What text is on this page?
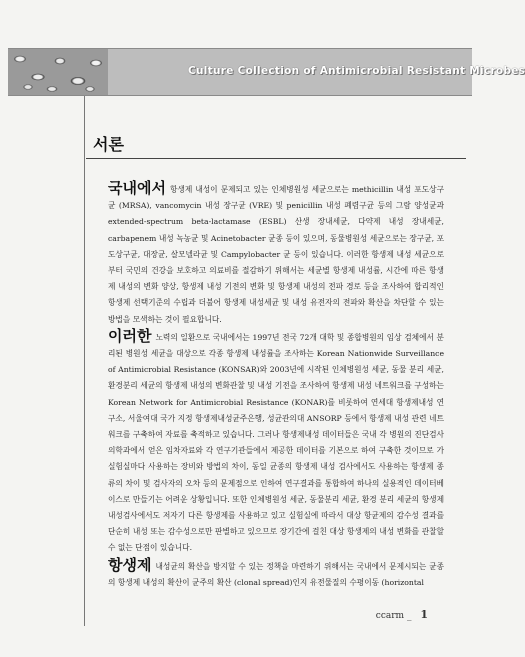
Culture Collection of Antimicrobial Resistant Microbes
서론

국내에서 항생제 내성이 문제되고 있는 인체병원성 세균으로는 methicillin 내성 포도상구균 (MRSA), vancomycin 내성 장구균 (VRE) 및 penicillin 내성 폐렴구균 등의 그람 양성균과 extended-spectrum beta-lactamase (ESBL) 산생 장내세균, 다약제 내성 장내세균, carbapenem 내성 녹농균 및 Acinetobacter 균종 등이 있으며, 동물병원성 세균으로는 장구균, 포도상구균, 대장균, 살모넬라균 및 Campylobacter 균 등이 있습니다. 이러한 항생제 내성 세균으로부터 국민의 건강을 보호하고 의료비를 절감하기 위해서는 세균별 항생제 내성률, 시간에 따른 항생제 내성의 변화 양상, 항생제 내성 기전의 변화 및 항생제 내성의 전파 경로 등을 조사하여 합리적인 항생제 선택기준의 수립과 더불어 항생제 내성세균 및 내성 유전자의 전파와 확산을 차단할 수 있는 방법을 모색하는 것이 필요합니다.

이러한 노력의 일환으로 국내에서는 1997년 전국 72개 대학 및 종합병원의 임상 검체에서 분리된 병원성 세균을 대상으로 각종 항생제 내성률을 조사하는 Korean Nationwide Surveillance of Antimicrobial Resistance (KONSAR)와 2003년에 시작된 인체병원성 세균, 동물 분리 세균, 환경분리 세균의 항생제 내성의 변화관찰 및 내성 기전을 조사하여 항생제 내성 네트워크를 구성하는 Korean Network for Antimicrobial Resistance (KONAR)를 비롯하여 연세대 항생제내성 연구소, 서울여대 국가 지정 항생제내성균주은행, 성균관의대 ANSORP 등에서 항생제 내성 관련 네트워크를 구축하여 자료를 축적하고 있습니다. 그러나 항생제내성 데이터들은 국내 각 병원의 진단검사의학과에서 얻은 임차자료와 각 연구기관들에서 제공한 데이터를 기본으로 하여 구축한 것이므로 가실험실마다 사용하는 장비와 방법의 차이, 동일 균종의 항생제 내성 검사에서도 사용하는 항생제 종류의 차이 및 검사자의 오차 등의 문제점으로 인하여 연구결과를 통합하여 하나의 실용적인 데이터베이스로 만들기는 어려운 상황입니다. 또한 인체병원성 세균, 동물분리 세균, 환경 분리 세균의 항생제 내성검사에서도 저자기 다른 항생제를 사용하고 있고 실험실에 따라서 대상 항균제의 감수성 결과를 단순히 내성 또는 감수성으로만 판별하고 있으므로 장기간에 걸친 대상 항생제의 내성 변화를 관찰할 수 없는 단점이 있습니다.

항생제 내성균의 확산을 방지할 수 있는 정책을 마련하기 위해서는 국내에서 문제시되는 균종의 항생제 내성의 확산이 균주의 확산 (clonal spread)인지 유전물질의 수평이동 (horizontal

ccarm _ 1
